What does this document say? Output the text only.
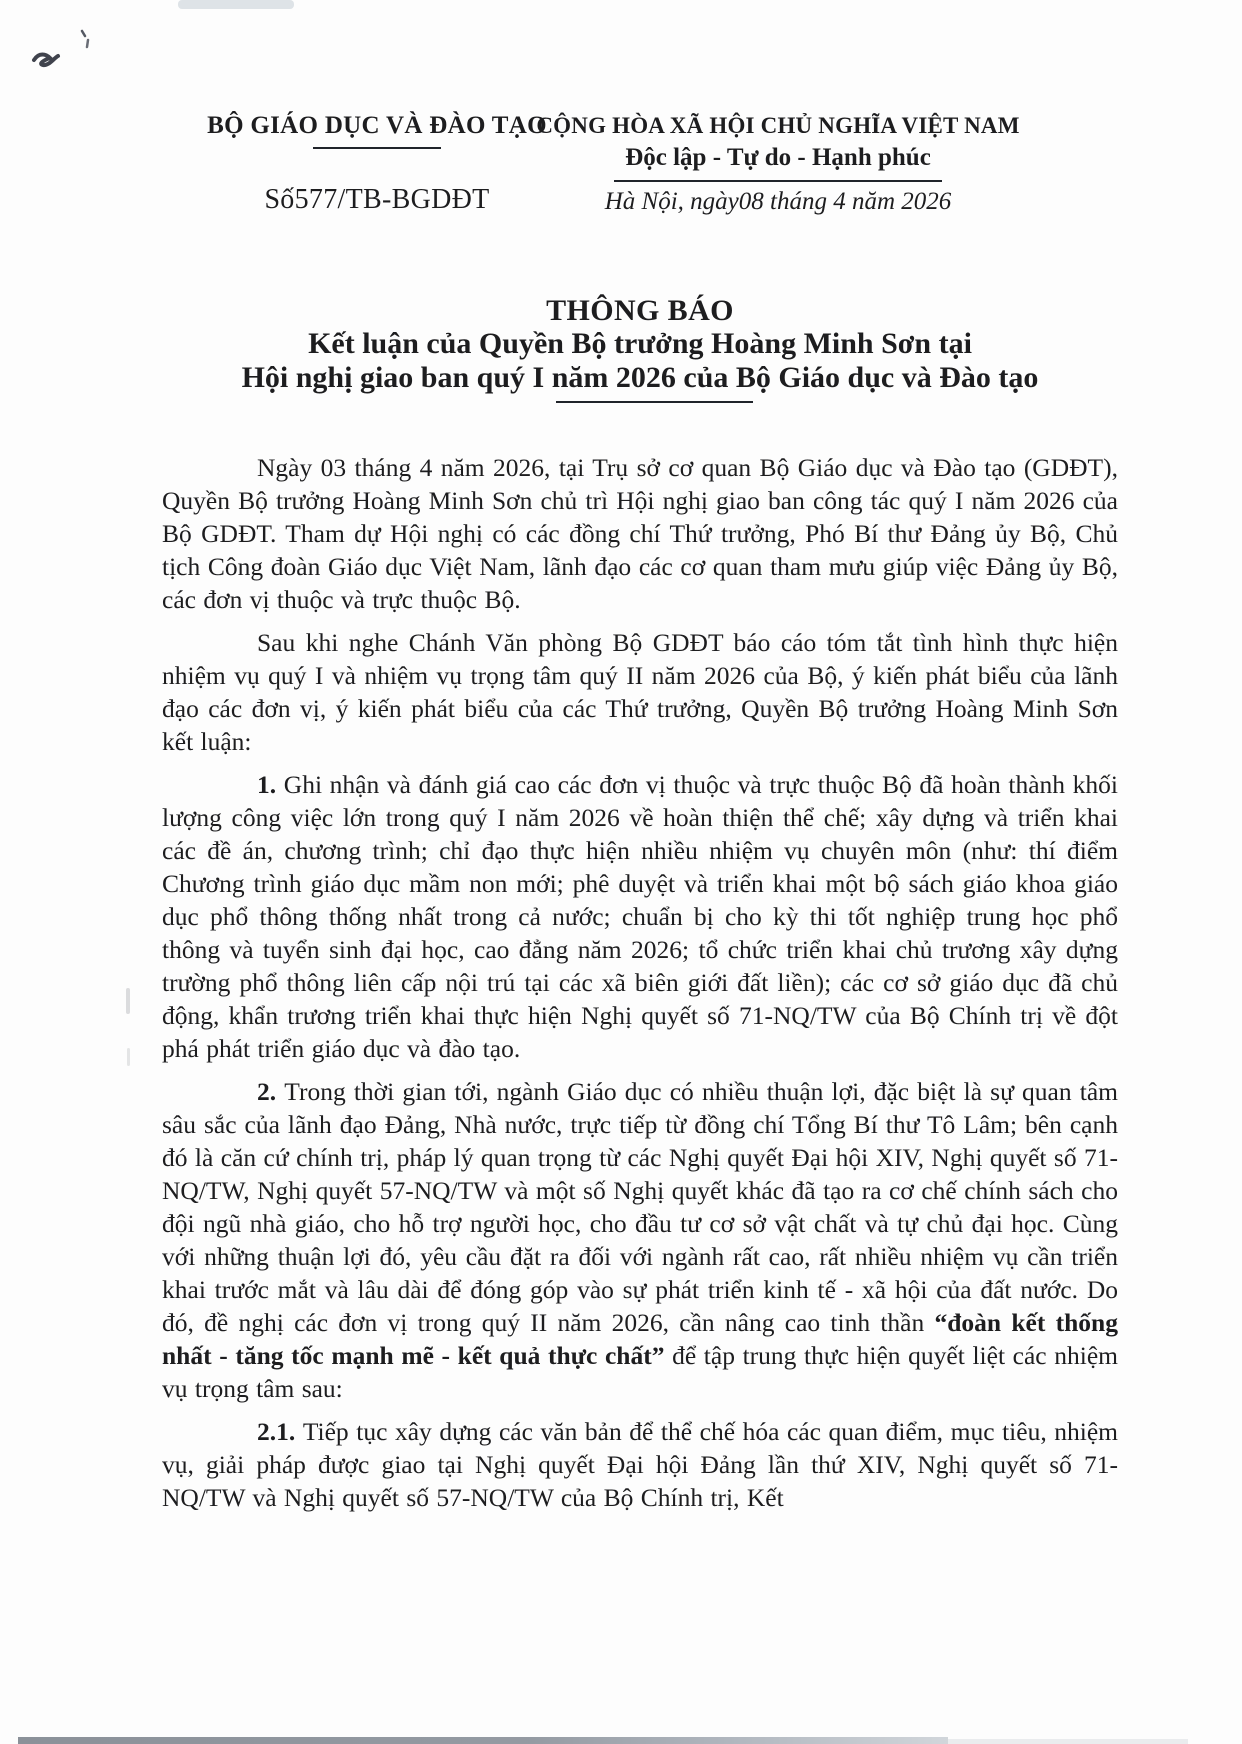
BỘ GIÁO DỤC VÀ ĐÀO TẠO
Số577/TB-BGDĐT
CỘNG HÒA XÃ HỘI CHỦ NGHĨA VIỆT NAM
Độc lập - Tự do - Hạnh phúc
Hà Nội, ngày08 tháng 4 năm 2026
THÔNG BÁO
Kết luận của Quyền Bộ trưởng Hoàng Minh Sơn tại
Hội nghị giao ban quý I năm 2026 của Bộ Giáo dục và Đào tạo

Ngày 03 tháng 4 năm 2026, tại Trụ sở cơ quan Bộ Giáo dục và Đào tạo (GDĐT), Quyền Bộ trưởng Hoàng Minh Sơn chủ trì Hội nghị giao ban công tác quý I năm 2026 của Bộ GDĐT. Tham dự Hội nghị có các đồng chí Thứ trưởng, Phó Bí thư Đảng ủy Bộ, Chủ tịch Công đoàn Giáo dục Việt Nam, lãnh đạo các cơ quan tham mưu giúp việc Đảng ủy Bộ, các đơn vị thuộc và trực thuộc Bộ.

Sau khi nghe Chánh Văn phòng Bộ GDĐT báo cáo tóm tắt tình hình thực hiện nhiệm vụ quý I và nhiệm vụ trọng tâm quý II năm 2026 của Bộ, ý kiến phát biểu của lãnh đạo các đơn vị, ý kiến phát biểu của các Thứ trưởng, Quyền Bộ trưởng Hoàng Minh Sơn kết luận:

1. Ghi nhận và đánh giá cao các đơn vị thuộc và trực thuộc Bộ đã hoàn thành khối lượng công việc lớn trong quý I năm 2026 về hoàn thiện thể chế; xây dựng và triển khai các đề án, chương trình; chỉ đạo thực hiện nhiều nhiệm vụ chuyên môn (như: thí điểm Chương trình giáo dục mầm non mới; phê duyệt và triển khai một bộ sách giáo khoa giáo dục phổ thông thống nhất trong cả nước; chuẩn bị cho kỳ thi tốt nghiệp trung học phổ thông và tuyển sinh đại học, cao đẳng năm 2026; tổ chức triển khai chủ trương xây dựng trường phổ thông liên cấp nội trú tại các xã biên giới đất liền); các cơ sở giáo dục đã chủ động, khẩn trương triển khai thực hiện Nghị quyết số 71-NQ/TW của Bộ Chính trị về đột phá phát triển giáo dục và đào tạo.

2. Trong thời gian tới, ngành Giáo dục có nhiều thuận lợi, đặc biệt là sự quan tâm sâu sắc của lãnh đạo Đảng, Nhà nước, trực tiếp từ đồng chí Tổng Bí thư Tô Lâm; bên cạnh đó là căn cứ chính trị, pháp lý quan trọng từ các Nghị quyết Đại hội XIV, Nghị quyết số 71-NQ/TW, Nghị quyết 57-NQ/TW và một số Nghị quyết khác đã tạo ra cơ chế chính sách cho đội ngũ nhà giáo, cho hỗ trợ người học, cho đầu tư cơ sở vật chất và tự chủ đại học. Cùng với những thuận lợi đó, yêu cầu đặt ra đối với ngành rất cao, rất nhiều nhiệm vụ cần triển khai trước mắt và lâu dài để đóng góp vào sự phát triển kinh tế - xã hội của đất nước. Do đó, đề nghị các đơn vị trong quý II năm 2026, cần nâng cao tinh thần “đoàn kết thống nhất - tăng tốc mạnh mẽ - kết quả thực chất” để tập trung thực hiện quyết liệt các nhiệm vụ trọng tâm sau:

2.1. Tiếp tục xây dựng các văn bản để thể chế hóa các quan điểm, mục tiêu, nhiệm vụ, giải pháp được giao tại Nghị quyết Đại hội Đảng lần thứ XIV, Nghị quyết số 71-NQ/TW và Nghị quyết số 57-NQ/TW của Bộ Chính trị, Kết
